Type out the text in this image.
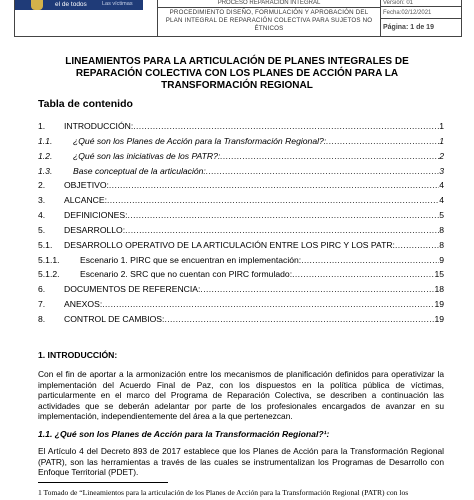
el de todos	Las víctimas	PROCESO REPARACIÓN INTEGRAL
PROCEDIMIENTO DISEÑO, FORMULACIÓN Y APROBACIÓN DEL PLAN INTEGRAL DE REPARACIÓN COLECTIVA PARA SUJETOS NO ÉTNICOS
Versión: 01
Fecha:02/12/2021
Página: 1 de 19
LINEAMIENTOS PARA LA ARTICULACIÓN DE PLANES INTEGRALES DE REPARACIÓN COLECTIVA CON LOS PLANES DE ACCIÓN PARA LA TRANSFORMACIÓN REGIONAL
Tabla de contenido
1.	INTRODUCCIÓN: .....	1
1.1.	¿Qué son los Planes de Acción para la Transformación Regional?: .....	1
1.2.	¿Qué son las iniciativas de los PATR?: .....	2
1.3.	Base conceptual de la articulación: .....	3
2.	OBJETIVO: .....	4
3.	ALCANCE: .....	4
4.	DEFINICIONES: .....	5
5.	DESARROLLO: .....	8
5.1.	DESARROLLO OPERATIVO DE LA ARTICULACIÓN ENTRE LOS PIRC Y LOS PATR: .....	8
5.1.1.	Escenario 1. PIRC que se encuentran en implementación: .....	9
5.1.2.	Escenario 2. SRC que no cuentan con PIRC formulado: .....	15
6.	DOCUMENTOS DE REFERENCIA: .....	18
7.	ANEXOS: .....	19
8.	CONTROL DE CAMBIOS: .....	19
1. INTRODUCCIÓN:
Con el fin de aportar a la armonización entre los mecanismos de planificación definidos para operativizar la implementación del Acuerdo Final de Paz, con los dispuestos en la política pública de víctimas, particularmente en el marco del Programa de Reparación Colectiva, se describen a continuación las actividades que se deberán adelantar por parte de los profesionales encargados de avanzar en su implementación, independientemente del área a la que pertenezcan.
1.1. ¿Qué son los Planes de Acción para la Transformación Regional?¹:
El Artículo 4 del Decreto 893 de 2017 establece que los Planes de Acción para la Transformación Regional (PATR), son las herramientas a través de las cuales se instrumentalizan los Programas de Desarrollo con Enfoque Territorial (PDET).
1 Tomado de “Lineamientos para la articulación de los Planes de Acción para la Transformación Regional (PATR) con los
